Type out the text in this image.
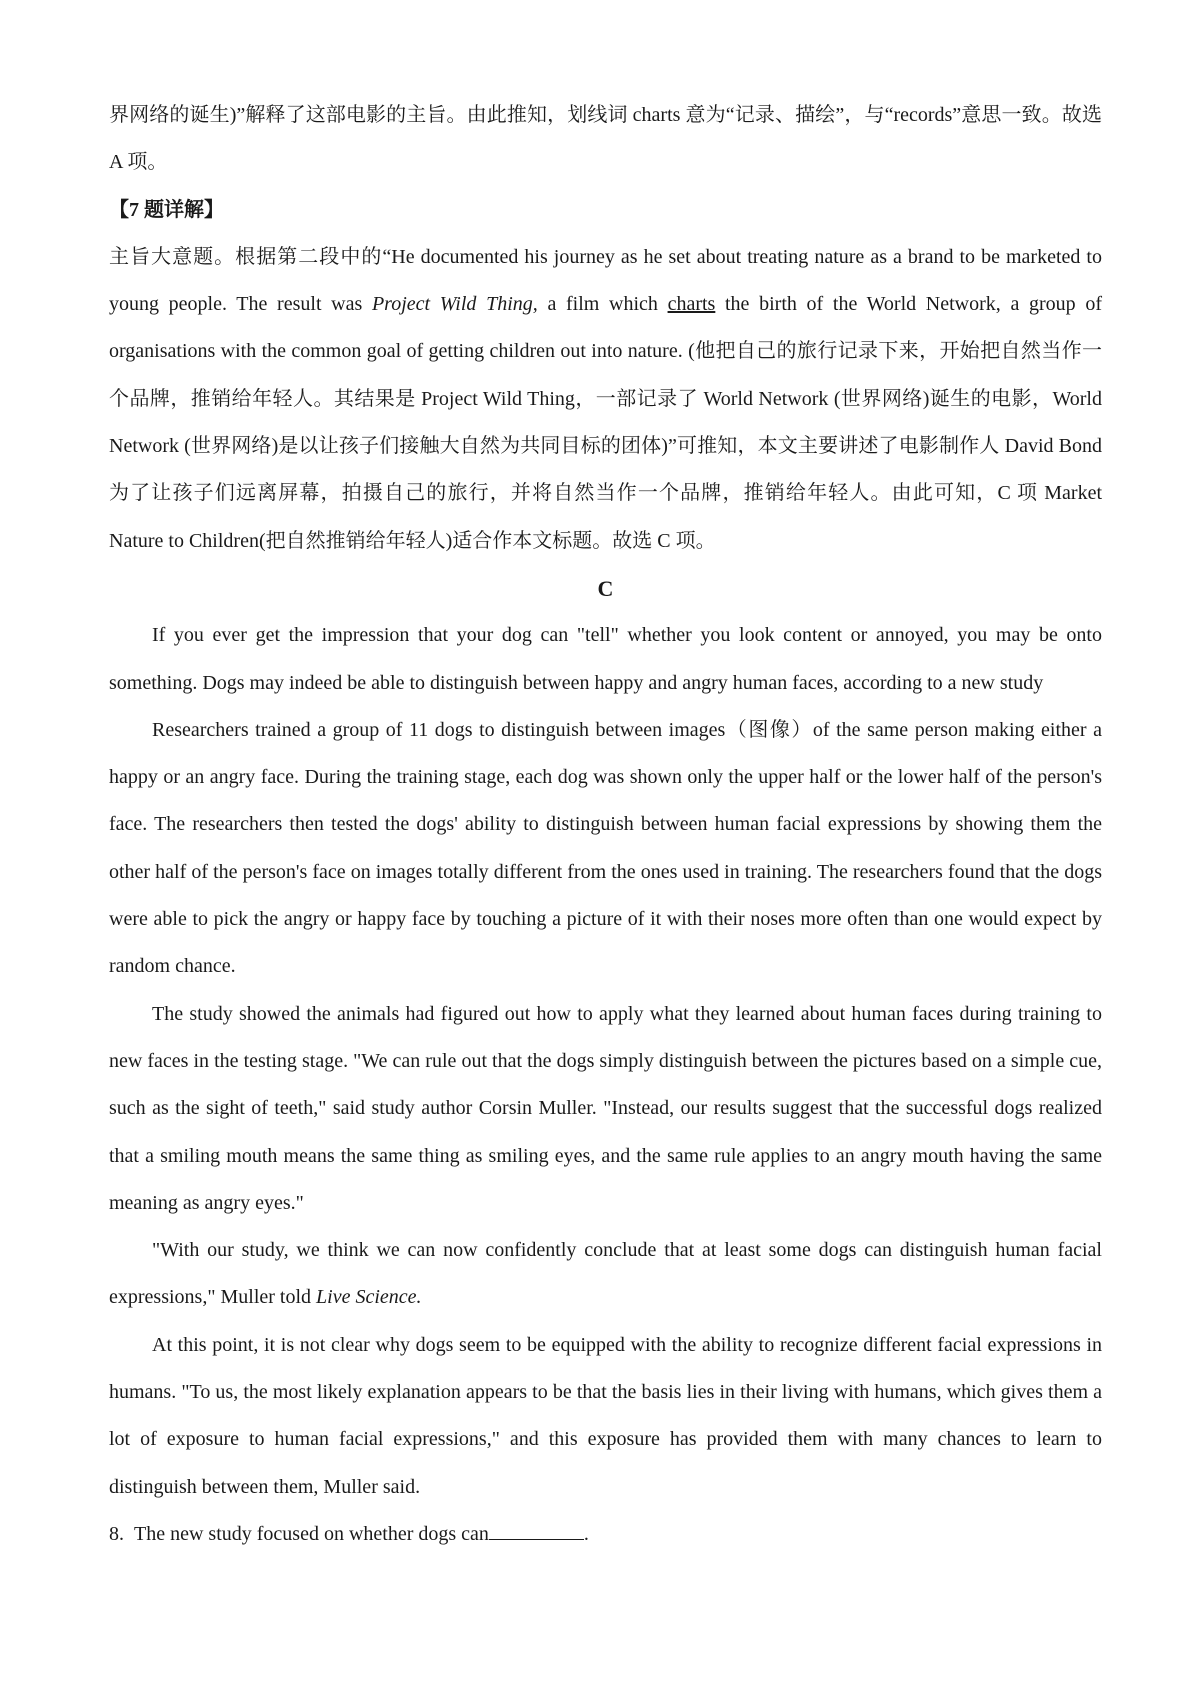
界网络的诞生)”解释了这部电影的主旨。由此推知，划线词 charts 意为“记录、描绘”，与“records”意思一致。故选 A 项。

【7 题详解】

主旨大意题。根据第二段中的“He documented his journey as he set about treating nature as a brand to be marketed to young people. The result was Project Wild Thing, a film which charts the birth of the World Network, a group of organisations with the common goal of getting children out into nature. (他把自己的旅行记录下来，开始把自然当作一个品牌，推销给年轻人。其结果是 Project Wild Thing，一部记录了 World Network (世界网络)诞生的电影，World Network (世界网络)是以让孩子们接触大自然为共同目标的团体)”可推知，本文主要讲述了电影制作人 David Bond 为了让孩子们远离屏幕，拍摄自己的旅行，并将自然当作一个品牌，推销给年轻人。由此可知，C 项 Market Nature to Children(把自然推销给年轻人)适合作本文标题。故选 C 项。

C

If you ever get the impression that your dog can "tell" whether you look content or annoyed, you may be onto something. Dogs may indeed be able to distinguish between happy and angry human faces, according to a new study

Researchers trained a group of 11 dogs to distinguish between images（图像）of the same person making either a happy or an angry face. During the training stage, each dog was shown only the upper half or the lower half of the person's face. The researchers then tested the dogs' ability to distinguish between human facial expressions by showing them the other half of the person's face on images totally different from the ones used in training. The researchers found that the dogs were able to pick the angry or happy face by touching a picture of it with their noses more often than one would expect by random chance.

The study showed the animals had figured out how to apply what they learned about human faces during training to new faces in the testing stage. "We can rule out that the dogs simply distinguish between the pictures based on a simple cue, such as the sight of teeth," said study author Corsin Muller. "Instead, our results suggest that the successful dogs realized that a smiling mouth means the same thing as smiling eyes, and the same rule applies to an angry mouth having the same meaning as angry eyes."

"With our study, we think we can now confidently conclude that at least some dogs can distinguish human facial expressions," Muller told Live Science.

At this point, it is not clear why dogs seem to be equipped with the ability to recognize different facial expressions in humans. "To us, the most likely explanation appears to be that the basis lies in their living with humans, which gives them a lot of exposure to human facial expressions," and this exposure has provided them with many chances to learn to distinguish between them, Muller said.

8. The new study focused on whether dogs can	.
